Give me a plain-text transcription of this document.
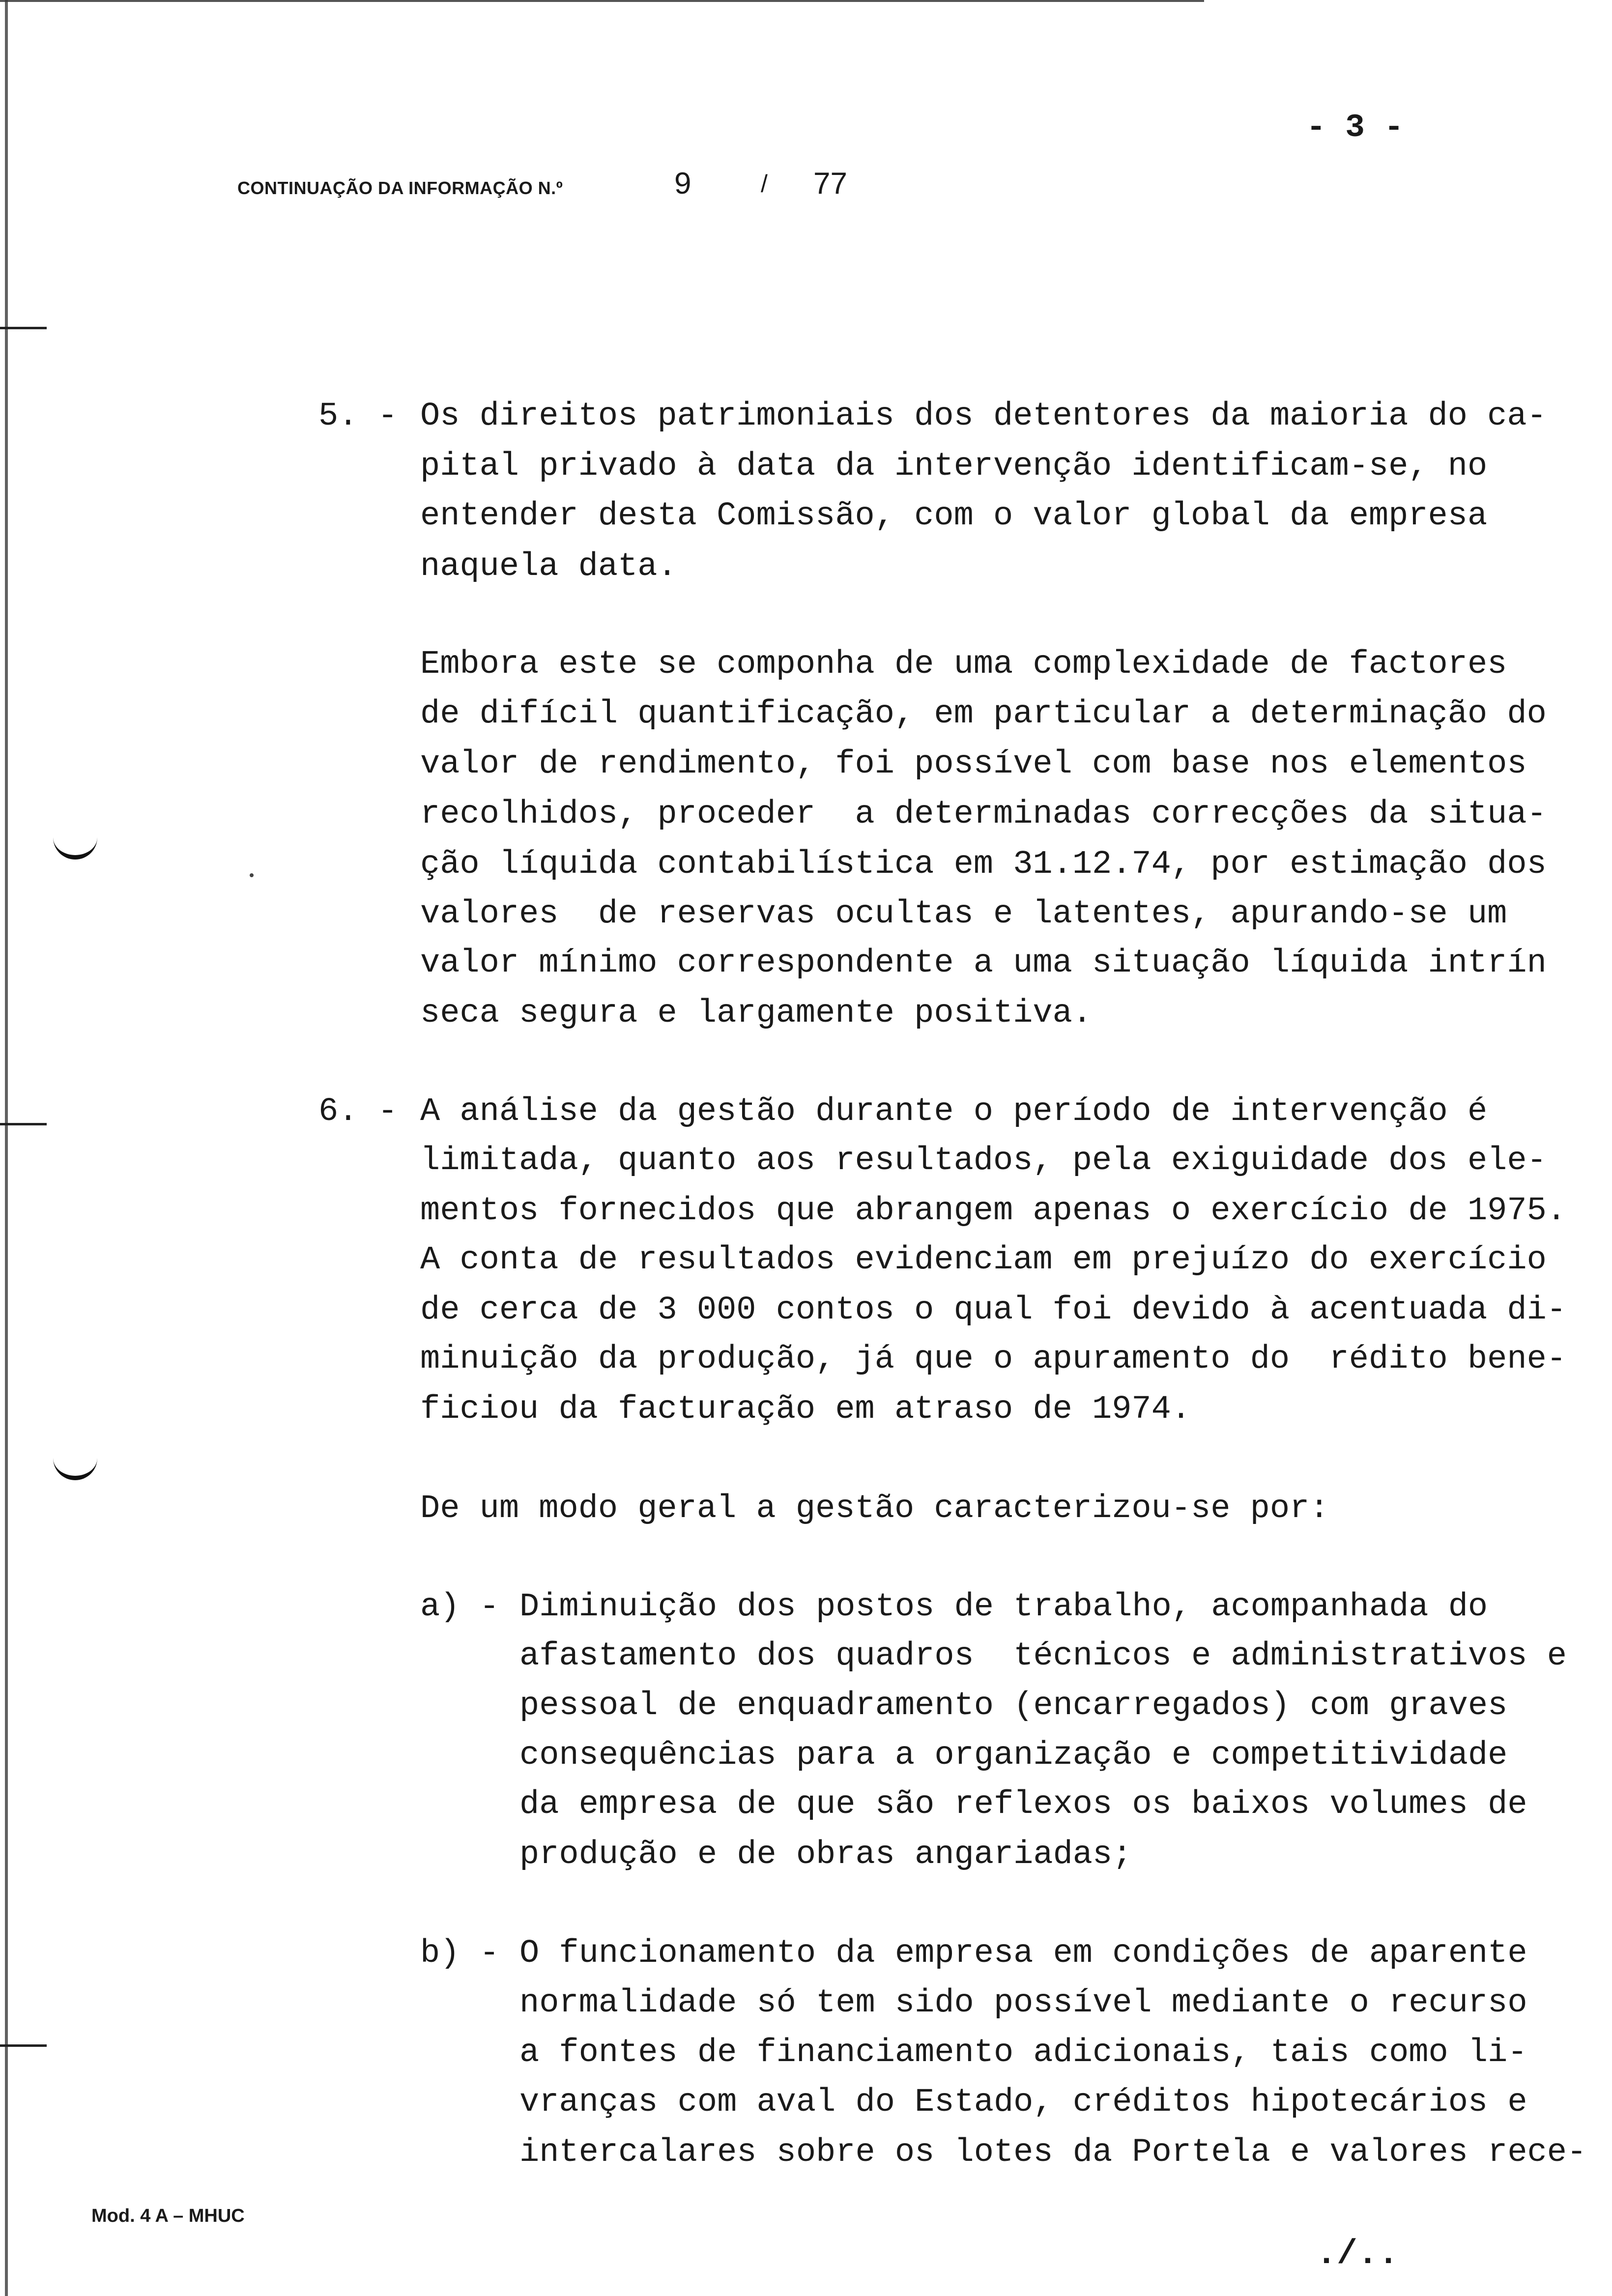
CONTINUAÇÃO DA INFORMAÇÃO N.º	9	/ 77
- 3 -
5. - Os direitos patrimoniais dos detentores da maioria do ca-
pital privado à data da intervenção identificam-se, no
entender desta Comissão, com o valor global da empresa
naquela data.
Embora este se componha de uma complexidade de factores
de difícil quantificação, em particular a determinação do
valor de rendimento, foi possível com base nos elementos
recolhidos, proceder  a determinadas correcções da situa-
ção líquida contabilística em 31.12.74, por estimação dos
valores  de reservas ocultas e latentes, apurando-se um
valor mínimo correspondente a uma situação líquida intrín
seca segura e largamente positiva.
6. - A análise da gestão durante o período de intervenção é
limitada, quanto aos resultados, pela exiguidade dos ele-
mentos fornecidos que abrangem apenas o exercício de 1975.
A conta de resultados evidenciam em prejuízo do exercício
de cerca de 3 000 contos o qual foi devido à acentuada di-
minuição da produção, já que o apuramento do  rédito bene-
ficiou da facturação em atraso de 1974.
De um modo geral a gestão caracterizou-se por:
a) - Diminuição dos postos de trabalho, acompanhada do
afastamento dos quadros  técnicos e administrativos e
pessoal de enquadramento (encarregados) com graves
consequências para a organização e competitividade
da empresa de que são reflexos os baixos volumes de
produção e de obras angariadas;
b) - O funcionamento da empresa em condições de aparente
normalidade só tem sido possível mediante o recurso
a fontes de financiamento adicionais, tais como li-
vranças com aval do Estado, créditos hipotecários e
intercalares sobre os lotes da Portela e valores rece-
Mod. 4 A – MHUC
./..
